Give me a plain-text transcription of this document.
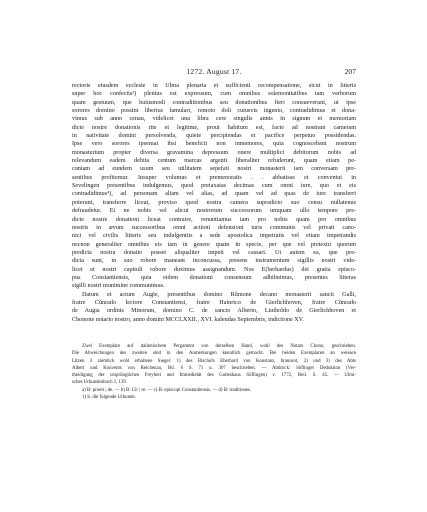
1272. August 17.	207
rectoris eiusdem ecclesie in Ulma plenaria et sufficienti recompensatione, sicut in litteris
super hoc confectis²) plenius est expressum, cum omnibus solemonitatibus tam verborum
quam gestuum, que huiusmodi contraditionibus seu donationibus fieri consueverunt, ut ipse
sorores domino possint liberius famulari, remoto doli cuiusvis ingenio, contradidimus et dona-
vimus sub anno cenau, videlicet una libra cere singulis annis in signum et memoriam
dicte nostre donationis rite et legitime, prout habitum est, facte ad nostram cameram
in nativitate domini persolvenda, quiete percipiendas et pacifice perpetuo possidendas.
Ipse vero sorores ipsemaі ibsi beneficii non inmemores, quia cognoscebant nostrum
monasterium propter diversa gravamina depressum onere multiplici debitorum nobis ad
relevandum eadem debita centum marcas argenti liberaliter refuderunt, quam etiam pe-
cuniam ad eundem usum seu utilitatem sepefati nostri monasterii iam conversam pre-
sentibus profitemur. Insuper volumus et premenoratis . . abbatisse et conventui in
Sevelingen presentibus indulgemus, quod pretaxatas decimas cum omni iure, quo et eis
contradidimus⁴), ad personam aliam vel alias, ad quam vel ad quas de iure transferri
poterunt, transferre liceat, proviso quod nostra camera supradicto suo censu nullatenus
defraudetur. Et ne nobis vel alicui nostrorum successorum umquam ullo tempore pre-
dicte nostre donationi liceat contraire, renuntiamus tam pro nobis quam pro omnibus
nostris in ævum successoribus omni actioni defensioni iuris communis vel privati cano-
nici vel civilis litteris seu indulgentiis a sede apostolica impetratis vel etiam impetrandis
necnon generaliter omnibus eis tam in genere quam in specie, per que vel pretextu quorum
predicta nostra donatio posset aliqualiter impeti vel cassari. Ut autem ea, que pre-
dicta sunt, in suo robore maneant inconcussa, presens instrumentum sigillis nostri vide-
licet et nostri capituli robore duximus assignandum. Nos E(berhardus) dei gratia episco-
pus Constantiensis, quia eidem donationi consensum adhibuimus, presentes litteras
sigilli nostri munimine communimus.
Datum et actum Augie, presentibus domino Rǔmone decano monasterii sancti Galli,
fratre Cǔnrado lectore Constantiensi, fratre Hainrico de Gierlichhoven, fratre Cǔnrado
de Augia ordinis Minorum, domino C. de sancto Alberto, Liutholdo de Gierlichhoven et
Chonone notario nostro, anno domini MCCLXXII., XVI. kalendas Septembris, indictione XV.
Zwei Exemplare auf italienischem Pergament von derselben Hand, wohl des Notars Chono, geschrieben.
Die Abweichungen des zweiten sind in den Anmerkungen kenntlich gemacht. Bei beiden Exemplaren an weissen
Litzen 3 ziemlich wohl erhaltene Siegel: 1) des Bischofs Eberhard von Konstanz, braunrot, 2) und 3) des Abts
Albert und Konvents von Reichenau, Bd. 6 S. 71 u. 307 beschrieben. — Abdruck: Söflinger Deduktion (Ver-
theidigung der ursprünglichen Freyheit und Immedietät des Gotteshaus Söflingen) v. 1772, Beil. S. 45. — Ulmi-
sches Urkundenbuch 1, 139.
a) B: proeri | de. — b) B: Cir | re. — c) B: episcopi Constantiensis. — d) B: traditiones.
1) S. die folgende Urkunde.
